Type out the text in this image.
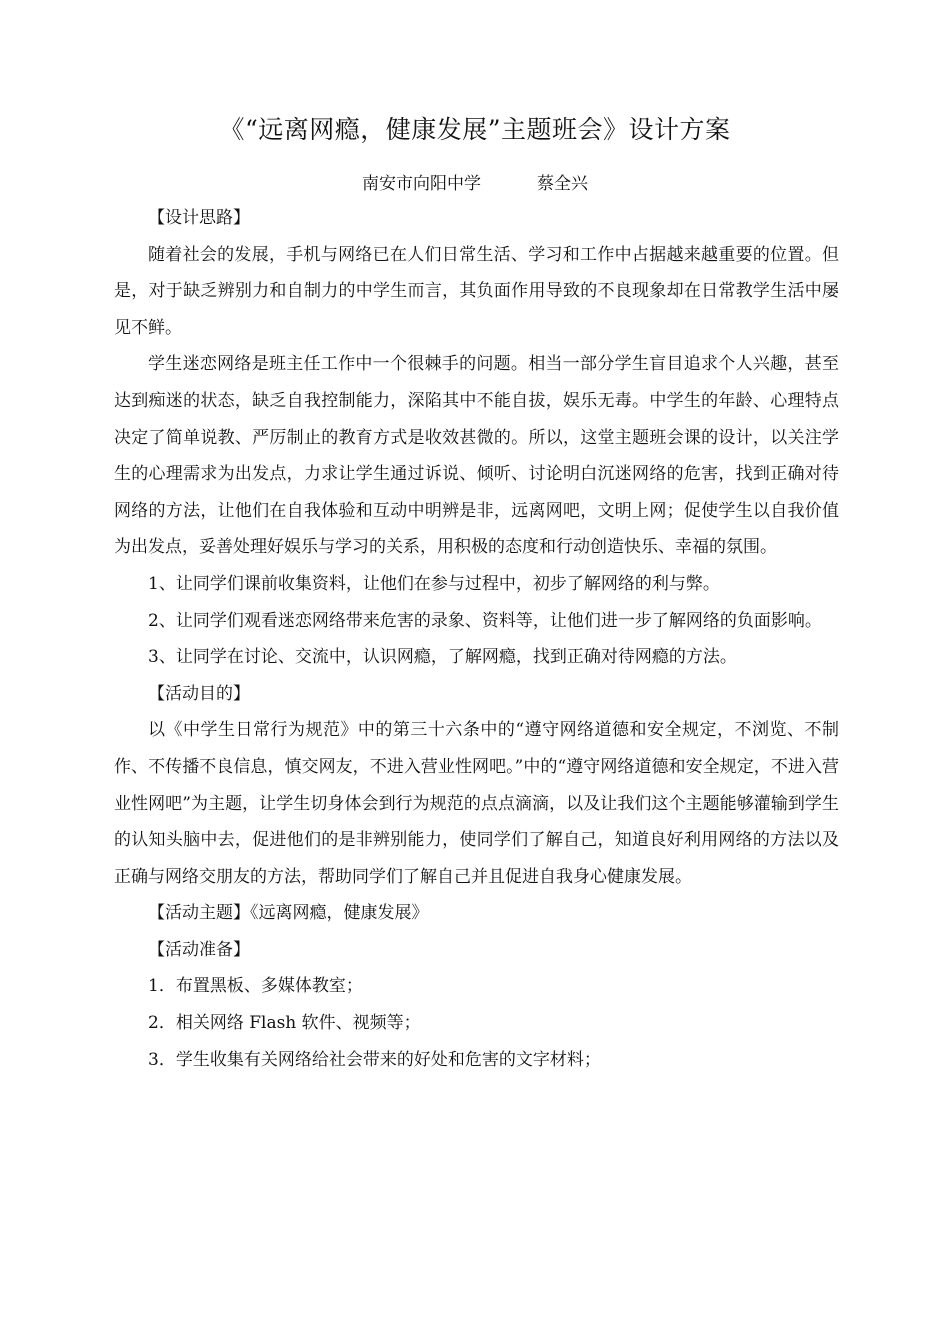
《“远离网瘾，健康发展”主题班会》设计方案
南安市向阳中学	蔡全兴

【设计思路】

随着社会的发展，手机与网络已在人们日常生活、学习和工作中占据越来越重要的位置。但是，对于缺乏辨别力和自制力的中学生而言，其负面作用导致的不良现象却在日常教学生活中屡见不鲜。

学生迷恋网络是班主任工作中一个很棘手的问题。相当一部分学生盲目追求个人兴趣，甚至达到痴迷的状态，缺乏自我控制能力，深陷其中不能自拔，娱乐无毒。中学生的年龄、心理特点决定了简单说教、严厉制止的教育方式是收效甚微的。所以，这堂主题班会课的设计，以关注学生的心理需求为出发点，力求让学生通过诉说、倾听、讨论明白沉迷网络的危害，找到正确对待网络的方法，让他们在自我体验和互动中明辨是非，远离网吧，文明上网；促使学生以自我价值为出发点，妥善处理好娱乐与学习的关系，用积极的态度和行动创造快乐、幸福的氛围。

1、让同学们课前收集资料，让他们在参与过程中，初步了解网络的利与弊。

2、让同学们观看迷恋网络带来危害的录象、资料等，让他们进一步了解网络的负面影响。

3、让同学在讨论、交流中，认识网瘾，了解网瘾，找到正确对待网瘾的方法。

【活动目的】

以《中学生日常行为规范》中的第三十六条中的“遵守网络道德和安全规定，不浏览、不制作、不传播不良信息，慎交网友，不进入营业性网吧。”中的“遵守网络道德和安全规定，不进入营业性网吧”为主题，让学生切身体会到行为规范的点点滴滴，以及让我们这个主题能够灌输到学生的认知头脑中去，促进他们的是非辨别能力，使同学们了解自己，知道良好利用网络的方法以及正确与网络交朋友的方法，帮助同学们了解自己并且促进自我身心健康发展。

【活动主题】《远离网瘾，健康发展》

【活动准备】

1．布置黑板、多媒体教室；

2．相关网络 Flash 软件、视频等；

3．学生收集有关网络给社会带来的好处和危害的文字材料；
